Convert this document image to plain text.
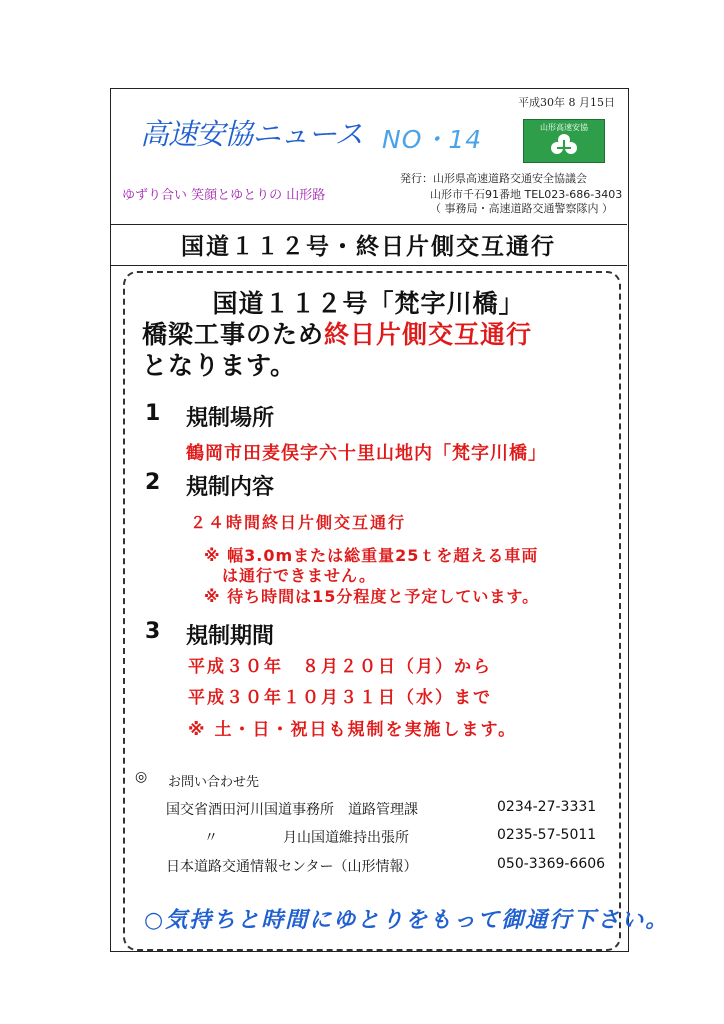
平成30年 8 月15日
高速安協ニュース NO・14	山形高速安協
発行：山形県高速道路交通安全協議会
ゆずり合い 笑顔とゆとりの 山形路	山形市千石91番地 TEL023-686-3403
（ 事務局・高速道路交通警察隊内 ）
国道１１２号・終日片側交互通行
国道１１２号「梵字川橋」
橋梁工事のため終日片側交互通行
となります。
1 規制場所
鶴岡市田麦俣字六十里山地内「梵字川橋」
2 規制内容
２４時間終日片側交互通行
※ 幅3.0mまたは総重量25ｔを超える車両
は通行できません。
※ 待ち時間は15分程度と予定しています。
3 規制期間
平成３０年　８月２０日（月）から
平成３０年１０月３１日（水）まで
※ 土・日・祝日も規制を実施します。
◎ お問い合わせ先
国交省酒田河川国道事務所　道路管理課	0234-27-3331
〃	月山国道維持出張所	0235-57-5011
日本道路交通情報センター（山形情報）	050-3369-6606
○気持ちと時間にゆとりをもって御通行下さい。
